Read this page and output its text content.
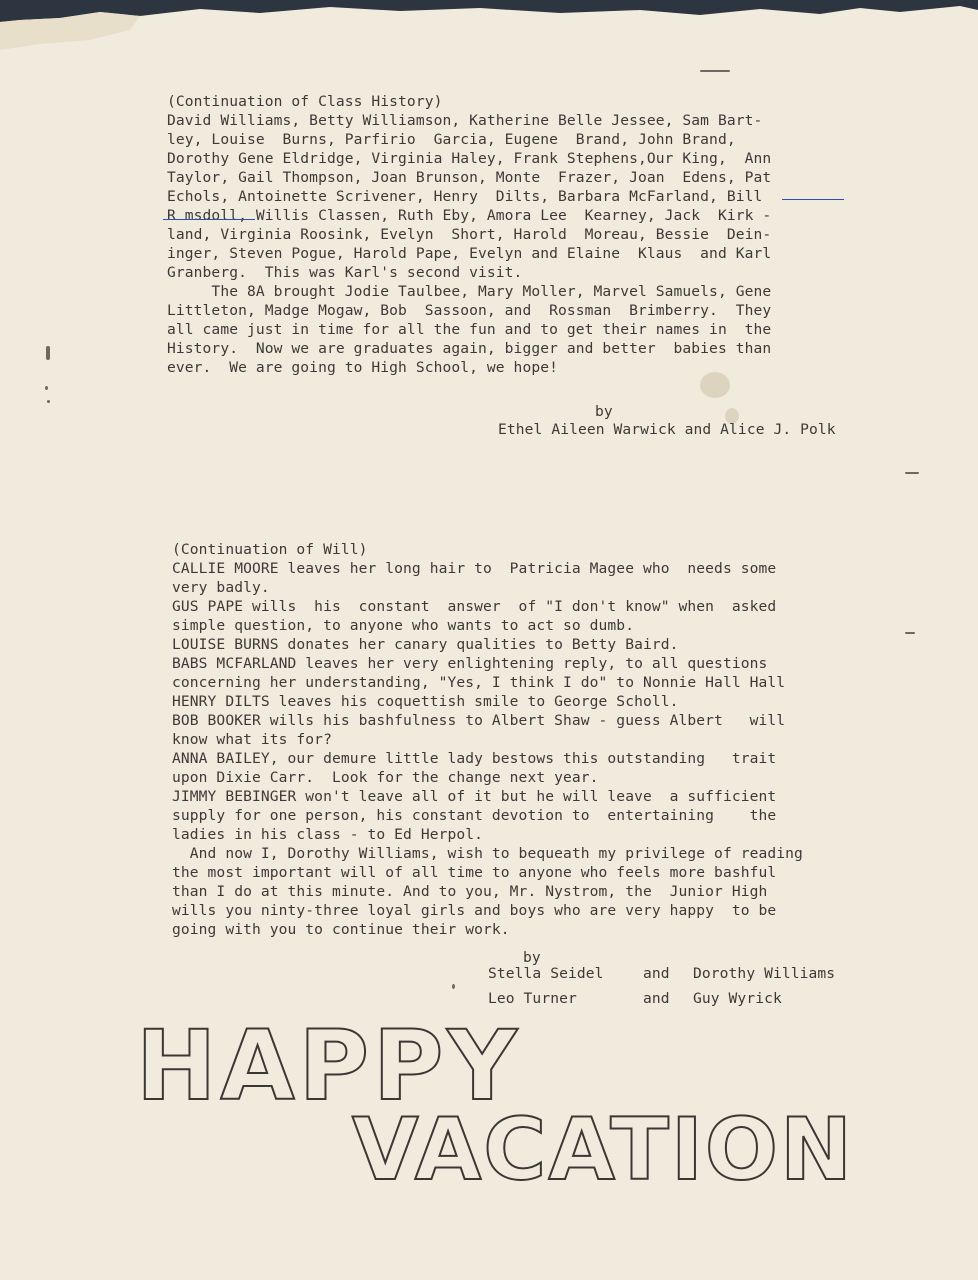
(Continuation of Class History)
David Williams, Betty Williamson, Katherine Belle Jessee, Sam Bart-
ley, Louise  Burns, Parfirio  Garcia, Eugene  Brand, John Brand,
Dorothy Gene Eldridge, Virginia Haley, Frank Stephens,Our King,  Ann
Taylor, Gail Thompson, Joan Brunson, Monte  Frazer, Joan  Edens, Pat
Echols, Antoinette Scrivener, Henry  Dilts, Barbara McFarland, Bill
R msdoll, Willis Classen, Ruth Eby, Amora Lee  Kearney, Jack  Kirk -
land, Virginia Roosink, Evelyn  Short, Harold  Moreau, Bessie  Dein-
inger, Steven Pogue, Harold Pape, Evelyn and Elaine  Klaus  and Karl
Granberg.  This was Karl's second visit.
The 8A brought Jodie Taulbee, Mary Moller, Marvel Samuels, Gene
Littleton, Madge Mogaw, Bob  Sassoon, and  Rossman  Brimberry.  They
all came just in time for all the fun and to get their names in  the
History.  Now we are graduates again, bigger and better  babies than
ever.  We are going to High School, we hope!
by
Ethel Aileen Warwick and Alice J. Polk
(Continuation of Will)
CALLIE MOORE leaves her long hair to  Patricia Magee who  needs some
very badly.
GUS PAPE wills  his  constant  answer  of "I don't know" when  asked
simple question, to anyone who wants to act so dumb.
LOUISE BURNS donates her canary qualities to Betty Baird.
BABS MCFARLAND leaves her very enlightening reply, to all questions
concerning her understanding, "Yes, I think I do" to Nonnie Hall Hall
HENRY DILTS leaves his coquettish smile to George Scholl.
BOB BOOKER wills his bashfulness to Albert Shaw - guess Albert   will
know what its for?
ANNA BAILEY, our demure little lady bestows this outstanding   trait
upon Dixie Carr.  Look for the change next year.
JIMMY BEBINGER won't leave all of it but he will leave  a sufficient
supply for one person, his constant devotion to  entertaining    the
ladies in his class - to Ed Herpol.
And now I, Dorothy Williams, wish to bequeath my privilege of reading
the most important will of all time to anyone who feels more bashful
than I do at this minute. And to you, Mr. Nystrom, the  Junior High
wills you ninty-three loyal girls and boys who are very happy  to be
going with you to continue their work.
by
Stella Seidel	and Dorothy Williams
Leo Turner	and Guy Wyrick
HAPPY
VACATION
